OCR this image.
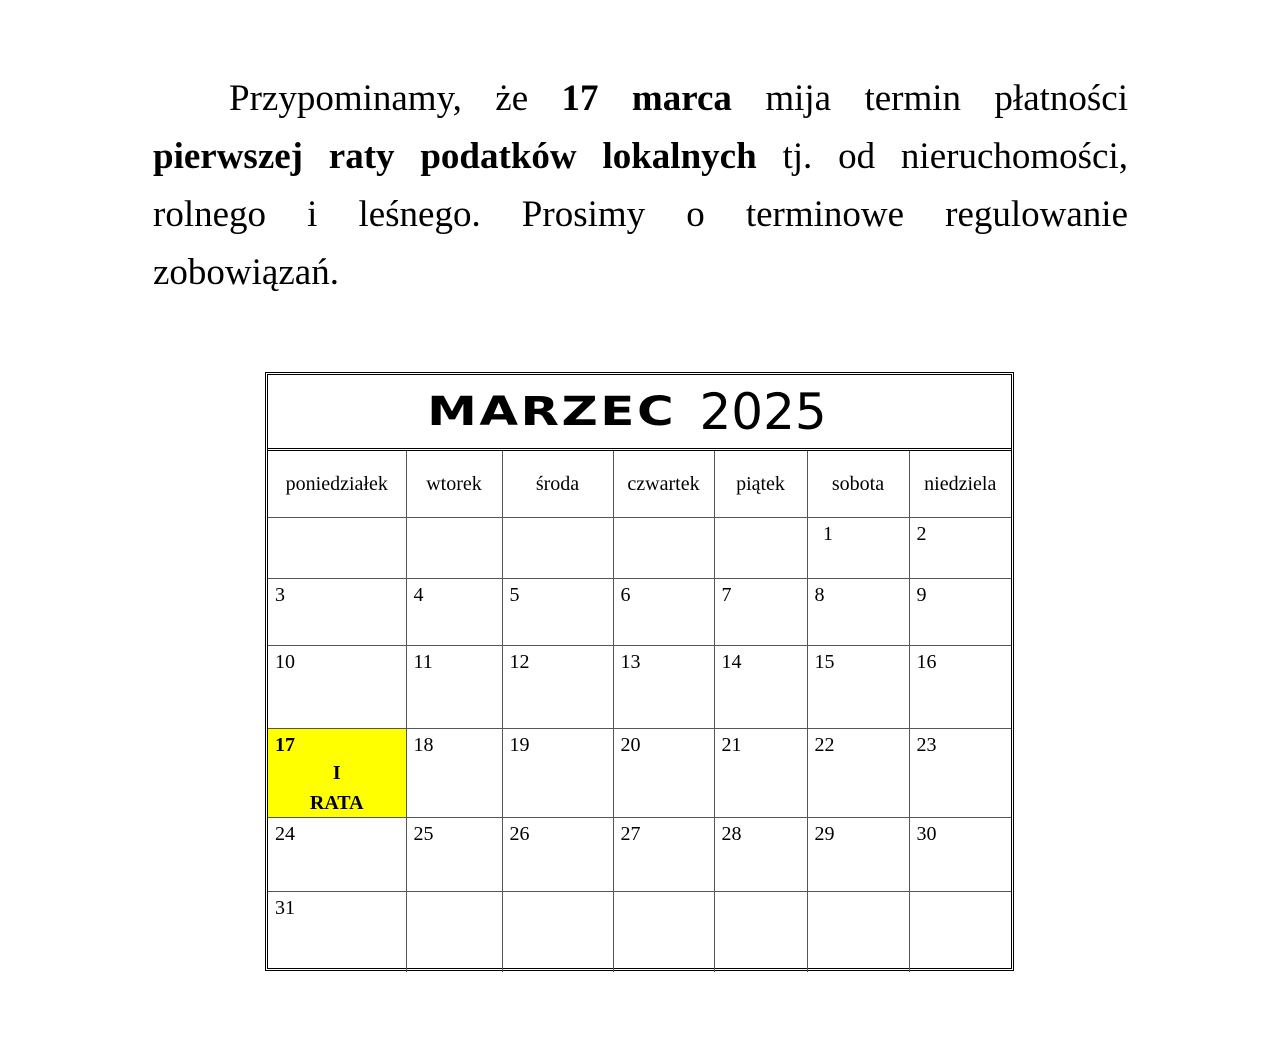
Przypominamy, że 17 marca mija termin płatności pierwszej raty podatków lokalnych tj. od nieruchomości, rolnego i leśnego. Prosimy o terminowe regulowanie zobowiązań.
MARZEC 2025
poniedziałek	wtorek	środa	czwartek	piątek	sobota	niedziela

					1	2

3	4	5	6	7	8	9

10	11	12	13	14	15	16

17
I
RATA	18	19	20	21	22	23

24	25	26	27	28	29	30

31						
